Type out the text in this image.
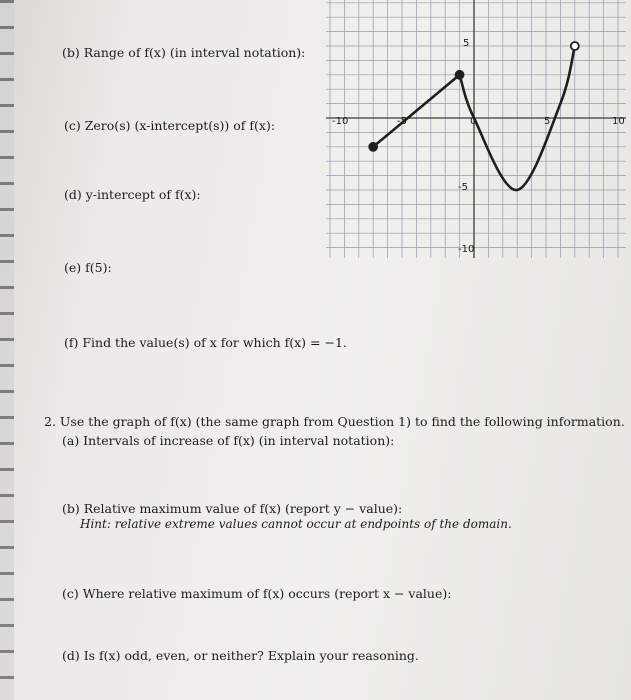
(b) Range of f(x) (in interval notation):
(c) Zero(s) (x-intercept(s)) of f(x):
(d) y-intercept of f(x):
(e) f(5):
(f) Find the value(s) of x for which f(x) = −1.
2. Use the graph of f(x) (the same graph from Question 1) to find the following information.
(a) Intervals of increase of f(x) (in interval notation):
(b) Relative maximum value of f(x) (report y − value):
Hint: relative extreme values cannot occur at endpoints of the domain.
(c) Where relative maximum of f(x) occurs (report x − value):
(d) Is f(x) odd, even, or neither? Explain your reasoning.
-10	-5	0	5	10
5
-5
-10
